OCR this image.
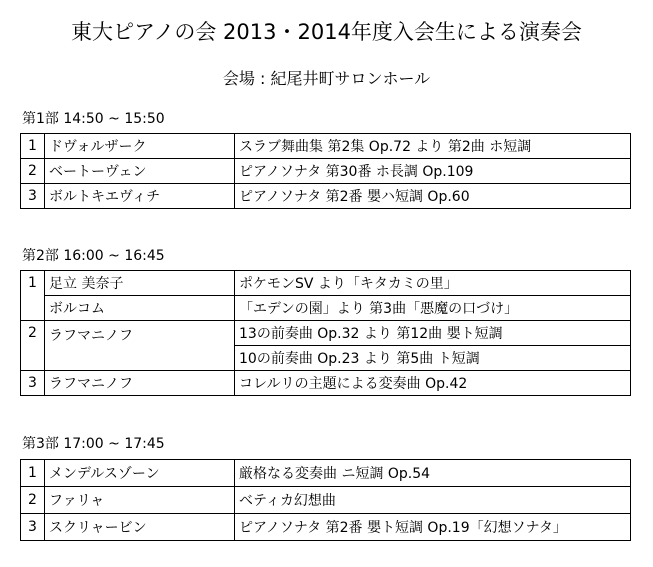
東大ピアノの会 2013・2014年度入会生による演奏会
会場 : 紀尾井町サロンホール
第1部 14:50 ~ 15:50
1	ドヴォルザーク	スラブ舞曲集 第2集 Op.72 より 第2曲 ホ短調
2	ベートーヴェン	ピアノソナタ 第30番 ホ長調 Op.109
3	ボルトキエヴィチ	ピアノソナタ 第2番 嬰ハ短調 Op.60
第2部 16:00 ~ 16:45
1	足立 美奈子	ポケモンSV より「キタカミの里」
	ボルコム	「エデンの園」より 第3曲「悪魔の口づけ」
2	ラフマニノフ	13の前奏曲 Op.32 より 第12曲 嬰ト短調
		10の前奏曲 Op.23 より 第5曲 ト短調
3	ラフマニノフ	コレルリの主題による変奏曲 Op.42
第3部 17:00 ~ 17:45
1	メンデルスゾーン	厳格なる変奏曲 ニ短調 Op.54
2	ファリャ	ベティカ幻想曲
3	スクリャービン	ピアノソナタ 第2番 嬰ト短調 Op.19「幻想ソナタ」
